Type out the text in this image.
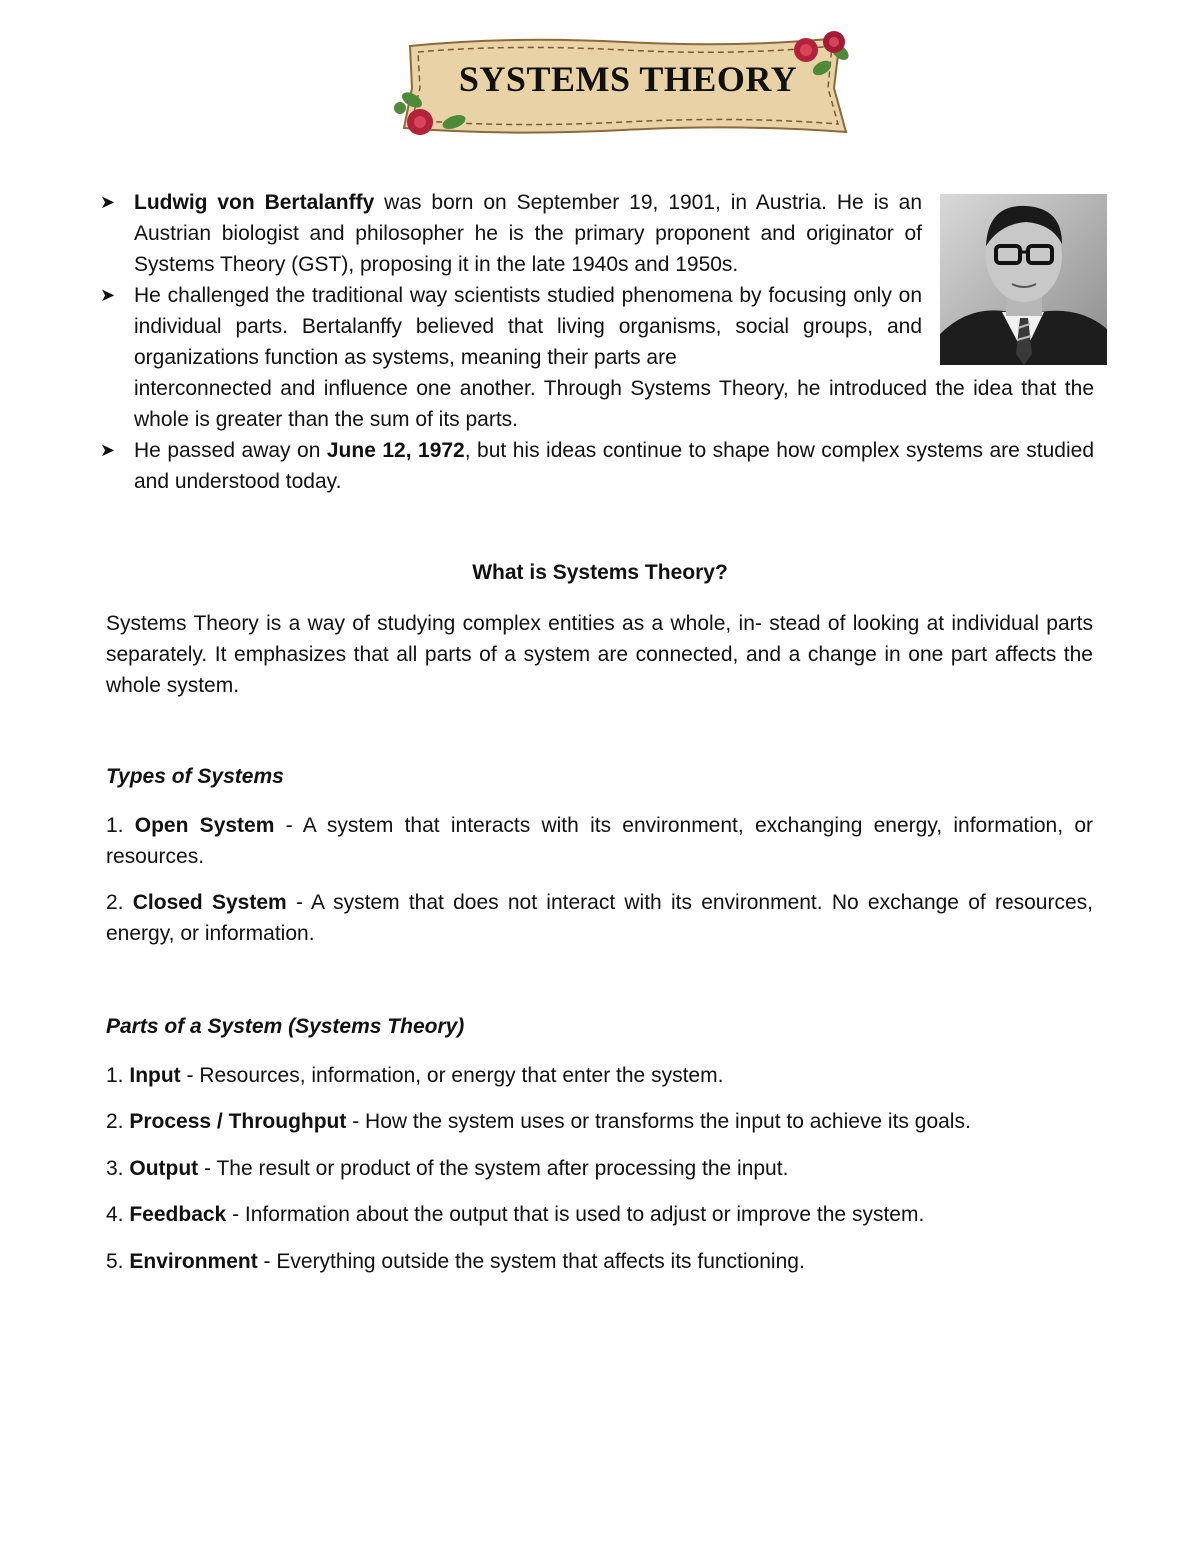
SYSTEMS THEORY
➤ Ludwig von Bertalanffy was born on September 19, 1901, in Austria. He is an Austrian biologist and philosopher he is the primary proponent and originator of Systems Theory (GST), proposing it in the late 1940s and 1950s.
➤ He challenged the traditional way scientists studied phenomena by focusing only on individual parts. Bertalanffy believed that living organisms, social groups, and organizations function as systems, meaning their parts are
interconnected and influence one another. Through Systems Theory, he introduced the idea that the whole is greater than the sum of its parts.
➤ He passed away on June 12, 1972, but his ideas continue to shape how complex systems are studied and understood today.
What is Systems Theory?
Systems Theory is a way of studying complex entities as a whole, in- stead of looking at individual parts separately. It emphasizes that all parts of a system are connected, and a change in one part affects the whole system.
Types of Systems
1. Open System - A system that interacts with its environment, exchanging energy, information, or resources.
2. Closed System - A system that does not interact with its environment. No exchange of resources, energy, or information.
Parts of a System (Systems Theory)
1. Input - Resources, information, or energy that enter the system.
2. Process / Throughput - How the system uses or transforms the input to achieve its goals.
3. Output - The result or product of the system after processing the input.
4. Feedback - Information about the output that is used to adjust or improve the system.
5. Environment - Everything outside the system that affects its functioning.
